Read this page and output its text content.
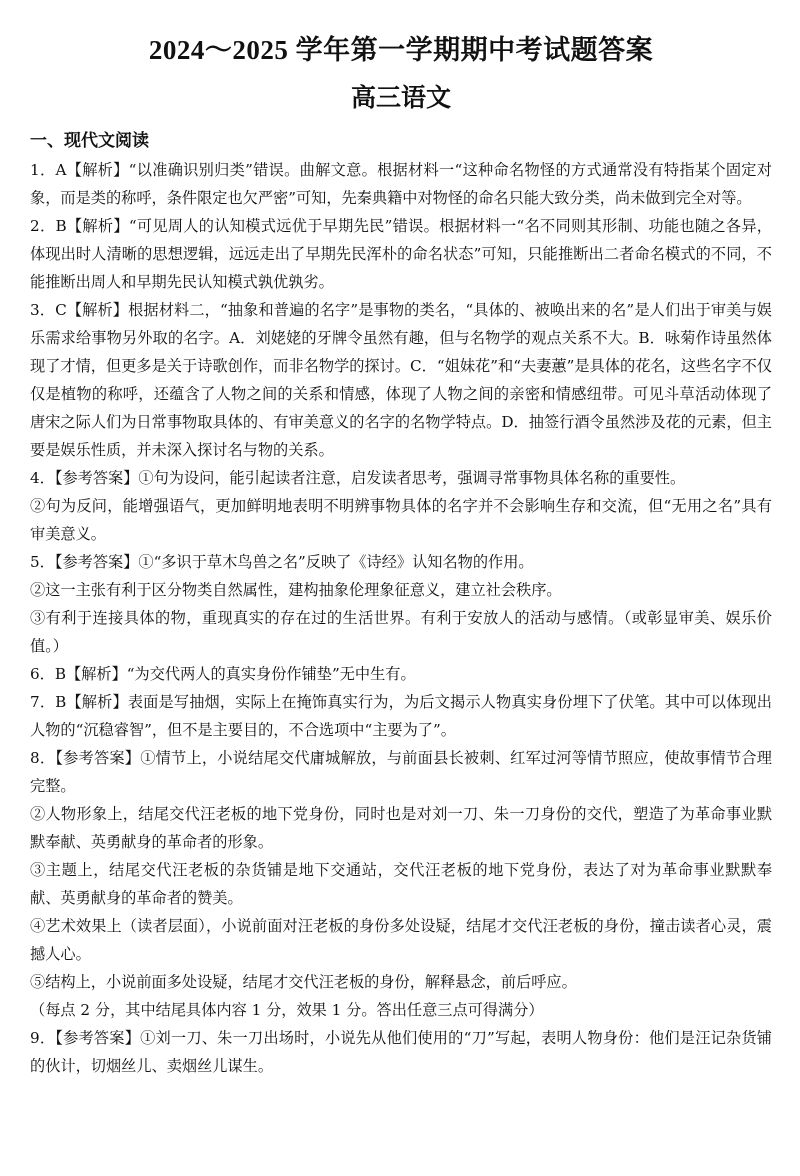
2024～2025 学年第一学期期中考试题答案
高三语文
一、现代文阅读

1．A【解析】“以准确识别归类”错误。曲解文意。根据材料一“这种命名物怪的方式通常没有特指某个固定对象，而是类的称呼，条件限定也欠严密”可知，先秦典籍中对物怪的命名只能大致分类，尚未做到完全对等。

2．B【解析】“可见周人的认知模式远优于早期先民”错误。根据材料一“名不同则其形制、功能也随之各异，体现出时人清晰的思想逻辑，远远走出了早期先民浑朴的命名状态”可知，只能推断出二者命名模式的不同，不能推断出周人和早期先民认知模式孰优孰劣。

3．C【解析】根据材料二，“抽象和普遍的名字”是事物的类名，“具体的、被唤出来的名”是人们出于审美与娱乐需求给事物另外取的名字。A．刘姥姥的牙牌令虽然有趣，但与名物学的观点关系不大。B．咏菊作诗虽然体现了才情，但更多是关于诗歌创作，而非名物学的探讨。C．“姐妹花”和“夫妻蕙”是具体的花名，这些名字不仅仅是植物的称呼，还蕴含了人物之间的关系和情感，体现了人物之间的亲密和情感纽带。可见斗草活动体现了唐宋之际人们为日常事物取具体的、有审美意义的名字的名物学特点。D．抽签行酒令虽然涉及花的元素，但主要是娱乐性质，并未深入探讨名与物的关系。

4．【参考答案】①句为设问，能引起读者注意，启发读者思考，强调寻常事物具体名称的重要性。

②句为反问，能增强语气，更加鲜明地表明不明辨事物具体的名字并不会影响生存和交流，但“无用之名”具有审美意义。

5．【参考答案】①“多识于草木鸟兽之名”反映了《诗经》认知名物的作用。

②这一主张有利于区分物类自然属性，建构抽象伦理象征意义，建立社会秩序。

③有利于连接具体的物，重现真实的存在过的生活世界。有利于安放人的活动与感情。（或彰显审美、娱乐价值。）

6．B【解析】“为交代两人的真实身份作铺垫”无中生有。

7．B【解析】表面是写抽烟，实际上在掩饰真实行为，为后文揭示人物真实身份埋下了伏笔。其中可以体现出人物的“沉稳睿智”，但不是主要目的，不合选项中“主要为了”。

8．【参考答案】①情节上，小说结尾交代庸城解放，与前面县长被刺、红军过河等情节照应，使故事情节合理完整。

②人物形象上，结尾交代汪老板的地下党身份，同时也是对刘一刀、朱一刀身份的交代，塑造了为革命事业默默奉献、英勇献身的革命者的形象。

③主题上，结尾交代汪老板的杂货铺是地下交通站，交代汪老板的地下党身份，表达了对为革命事业默默奉献、英勇献身的革命者的赞美。

④艺术效果上（读者层面），小说前面对汪老板的身份多处设疑，结尾才交代汪老板的身份，撞击读者心灵，震撼人心。

⑤结构上，小说前面多处设疑，结尾才交代汪老板的身份，解释悬念，前后呼应。

（每点 2 分，其中结尾具体内容 1 分，效果 1 分。答出任意三点可得满分）

9．【参考答案】①刘一刀、朱一刀出场时，小说先从他们使用的“刀”写起，表明人物身份：他们是汪记杂货铺的伙计，切烟丝儿、卖烟丝儿谋生。
